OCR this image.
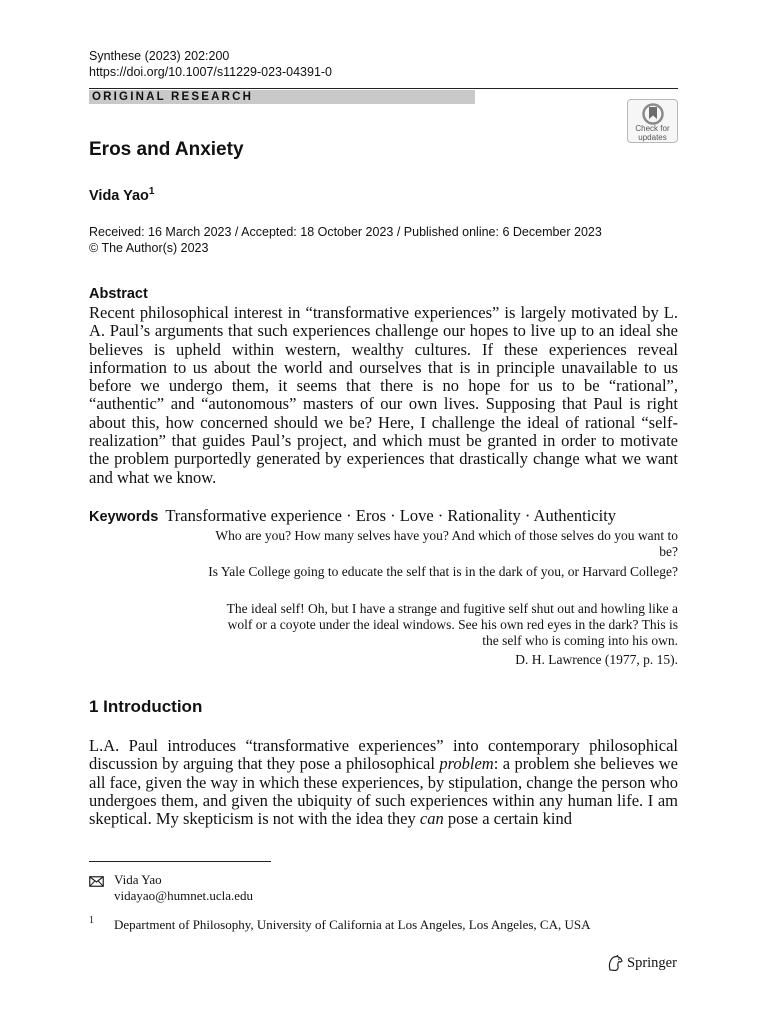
Synthese (2023) 202:200
https://doi.org/10.1007/s11229-023-04391-0
ORIGINAL RESEARCH
Check for
updates
Eros and Anxiety
Vida Yao$^1$
Received: 16 March 2023 / Accepted: 18 October 2023 / Published online: 6 December 2023
© The Author(s) 2023
Abstract
Recent philosophical interest in “transformative experiences” is largely motivated by L. A. Paul’s arguments that such experiences challenge our hopes to live up to an ideal she believes is upheld within western, wealthy cultures. If these experiences reveal information to us about the world and ourselves that is in principle unavailable to us before we undergo them, it seems that there is no hope for us to be “rational”, “authentic” and “autonomous” masters of our own lives. Supposing that Paul is right about this, how concerned should we be? Here, I challenge the ideal of rational “self-realization” that guides Paul’s project, and which must be granted in order to motivate the problem purportedly generated by experiences that drastically change what we want and what we know.
Keywords Transformative experience · Eros · Love · Rationality · Authenticity
Who are you? How many selves have you? And which of those selves do you want to be?
Is Yale College going to educate the self that is in the dark of you, or Harvard College?
The ideal self! Oh, but I have a strange and fugitive self shut out and howling like a wolf or a coyote under the ideal windows. See his own red eyes in the dark? This is the self who is coming into his own.
D. H. Lawrence (1977, p. 15).
1 Introduction
L.A. Paul introduces “transformative experiences” into contemporary philosophical discussion by arguing that they pose a philosophical problem: a problem she believes we all face, given the way in which these experiences, by stipulation, change the person who undergoes them, and given the ubiquity of such experiences within any human life. I am skeptical. My skepticism is not with the idea they can pose a certain kind
Vida Yao
vidayao@humnet.ucla.edu
1 Department of Philosophy, University of California at Los Angeles, Los Angeles, CA, USA
Springer
